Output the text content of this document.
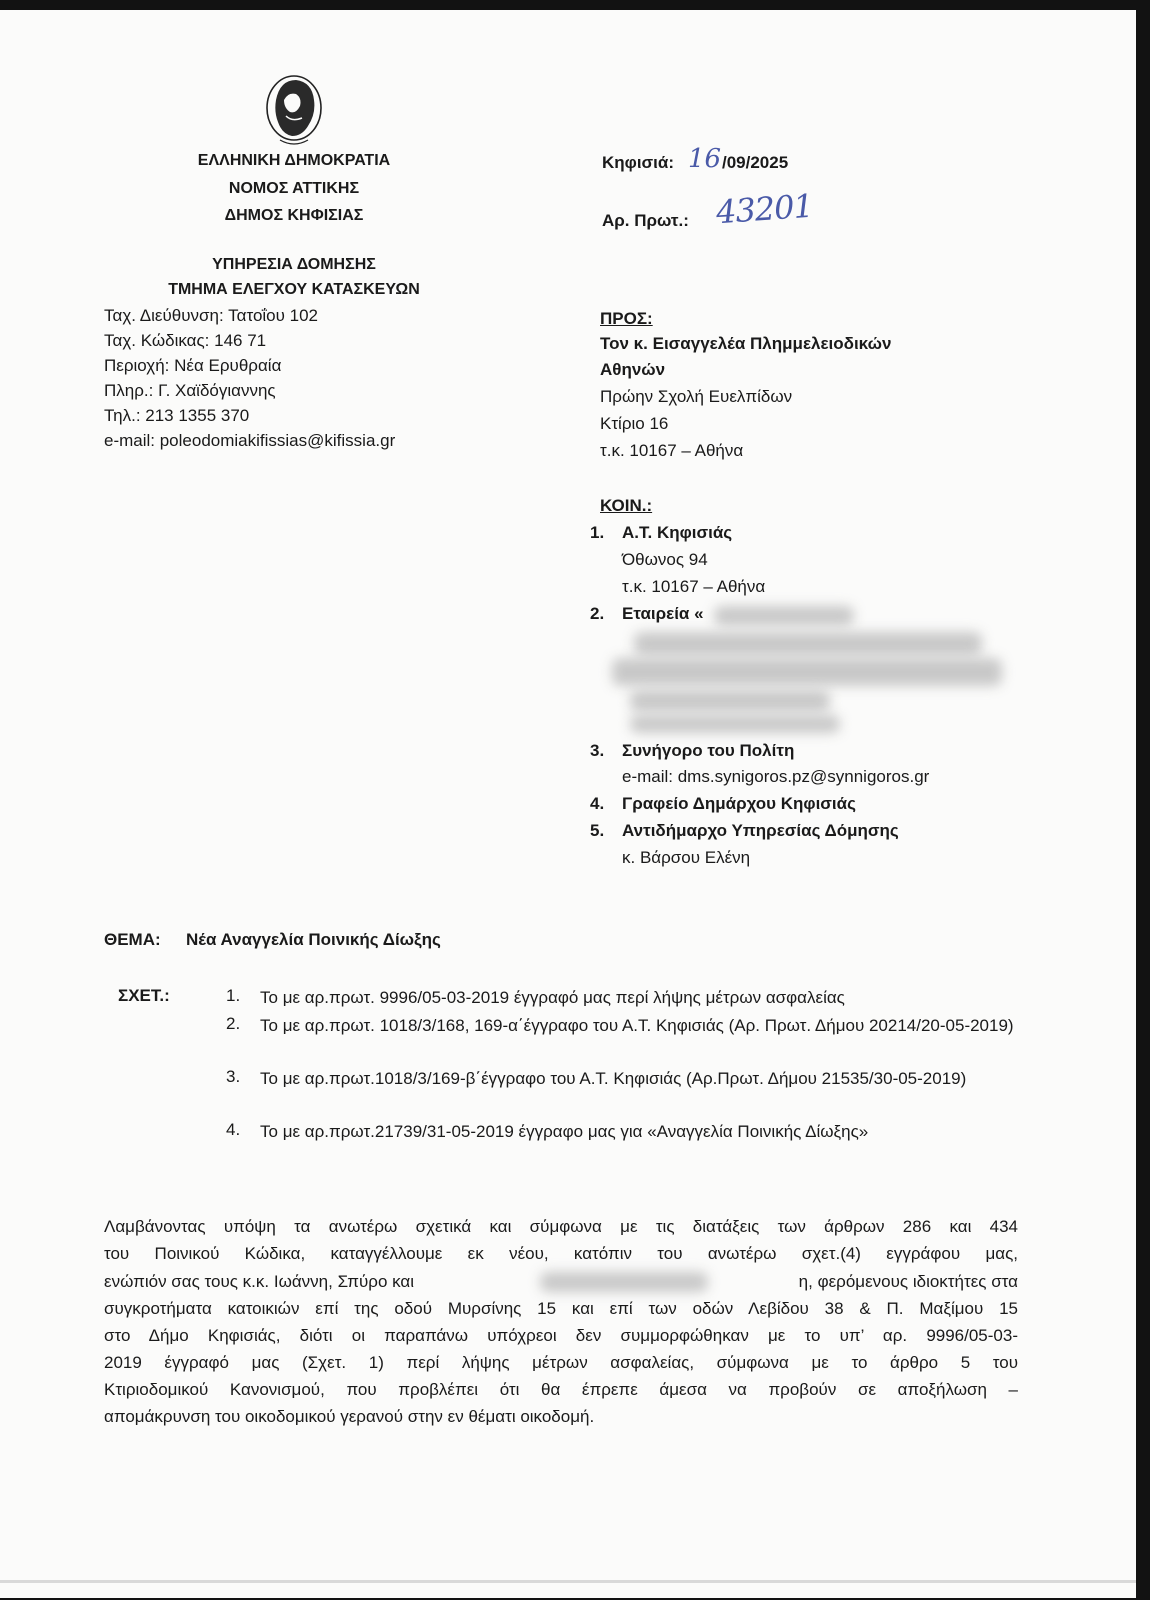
ΕΛΛΗΝΙΚΗ ΔΗΜΟΚΡΑΤΙΑ
ΝΟΜΟΣ ΑΤΤΙΚΗΣ
ΔΗΜΟΣ ΚΗΦΙΣΙΑΣ
ΥΠΗΡΕΣΙΑ ΔΟΜΗΣΗΣ
ΤΜΗΜΑ ΕΛΕΓΧΟΥ ΚΑΤΑΣΚΕΥΩΝ
Ταχ. Διεύθυνση: Τατοΐου 102
Ταχ. Κώδικας: 146 71
Περιοχή: Νέα Ερυθραία
Πληρ.: Γ. Χαϊδόγιαννης
Τηλ.: 213 1355 370
e-mail: poleodomiakifissias@kifissia.gr
Κηφισιά: 16 /09/2025
Αρ. Πρωτ.: 43201
ΠΡΟΣ:
Τον κ. Εισαγγελέα Πλημμελειοδικών
Αθηνών
Πρώην Σχολή Ευελπίδων
Κτίριο 16
τ.κ. 10167 – Αθήνα
ΚΟΙΝ.:
1. Α.Τ. Κηφισιάς
Όθωνος 94
τ.κ. 10167 – Αθήνα
2. Εταιρεία «
3. Συνήγορο του Πολίτη
e-mail: dms.synigoros.pz@synnigoros.gr
4. Γραφείο Δημάρχου Κηφισιάς
5. Αντιδήμαρχο Υπηρεσίας Δόμησης
κ. Βάρσου Ελένη
ΘΕΜΑ: Νέα Αναγγελία Ποινικής Δίωξης
ΣΧΕΤ.:	1. Το με αρ.πρωτ. 9996/05-03-2019 έγγραφό μας περί λήψης μέτρων ασφαλείας
2. Το με αρ.πρωτ. 1018/3/168, 169-α΄έγγραφο του Α.Τ. Κηφισιάς (Αρ. Πρωτ. Δήμου 20214/20-05-2019)
3. Το με αρ.πρωτ.1018/3/169-β΄έγγραφο του Α.Τ. Κηφισιάς (Αρ.Πρωτ. Δήμου 21535/30-05-2019)
4. Το με αρ.πρωτ.21739/31-05-2019 έγγραφο μας για «Αναγγελία Ποινικής Δίωξης»
Λαμβάνοντας υπόψη τα ανωτέρω σχετικά και σύμφωνα με τις διατάξεις των άρθρων 286 και 434
του Ποινικού Κώδικα, καταγγέλλουμε εκ νέου, κατόπιν του ανωτέρω σχετ.(4) εγγράφου μας,
ενώπιόν σας τους κ.κ. Ιωάννη, Σπύρο και	η, φερόμενους ιδιοκτήτες στα
συγκροτήματα κατοικιών επί της οδού Μυρσίνης 15 και επί των οδών Λεβίδου 38 & Π. Μαξίμου 15
στο Δήμο Κηφισιάς, διότι οι παραπάνω υπόχρεοι δεν συμμορφώθηκαν με το υπ’ αρ. 9996/05-03-
2019 έγγραφό μας (Σχετ. 1) περί λήψης μέτρων ασφαλείας, σύμφωνα με το άρθρο 5 του
Κτιριοδομικού Κανονισμού, που προβλέπει ότι θα έπρεπε άμεσα να προβούν σε αποξήλωση –
απομάκρυνση του οικοδομικού γερανού στην εν θέματι οικοδομή.
